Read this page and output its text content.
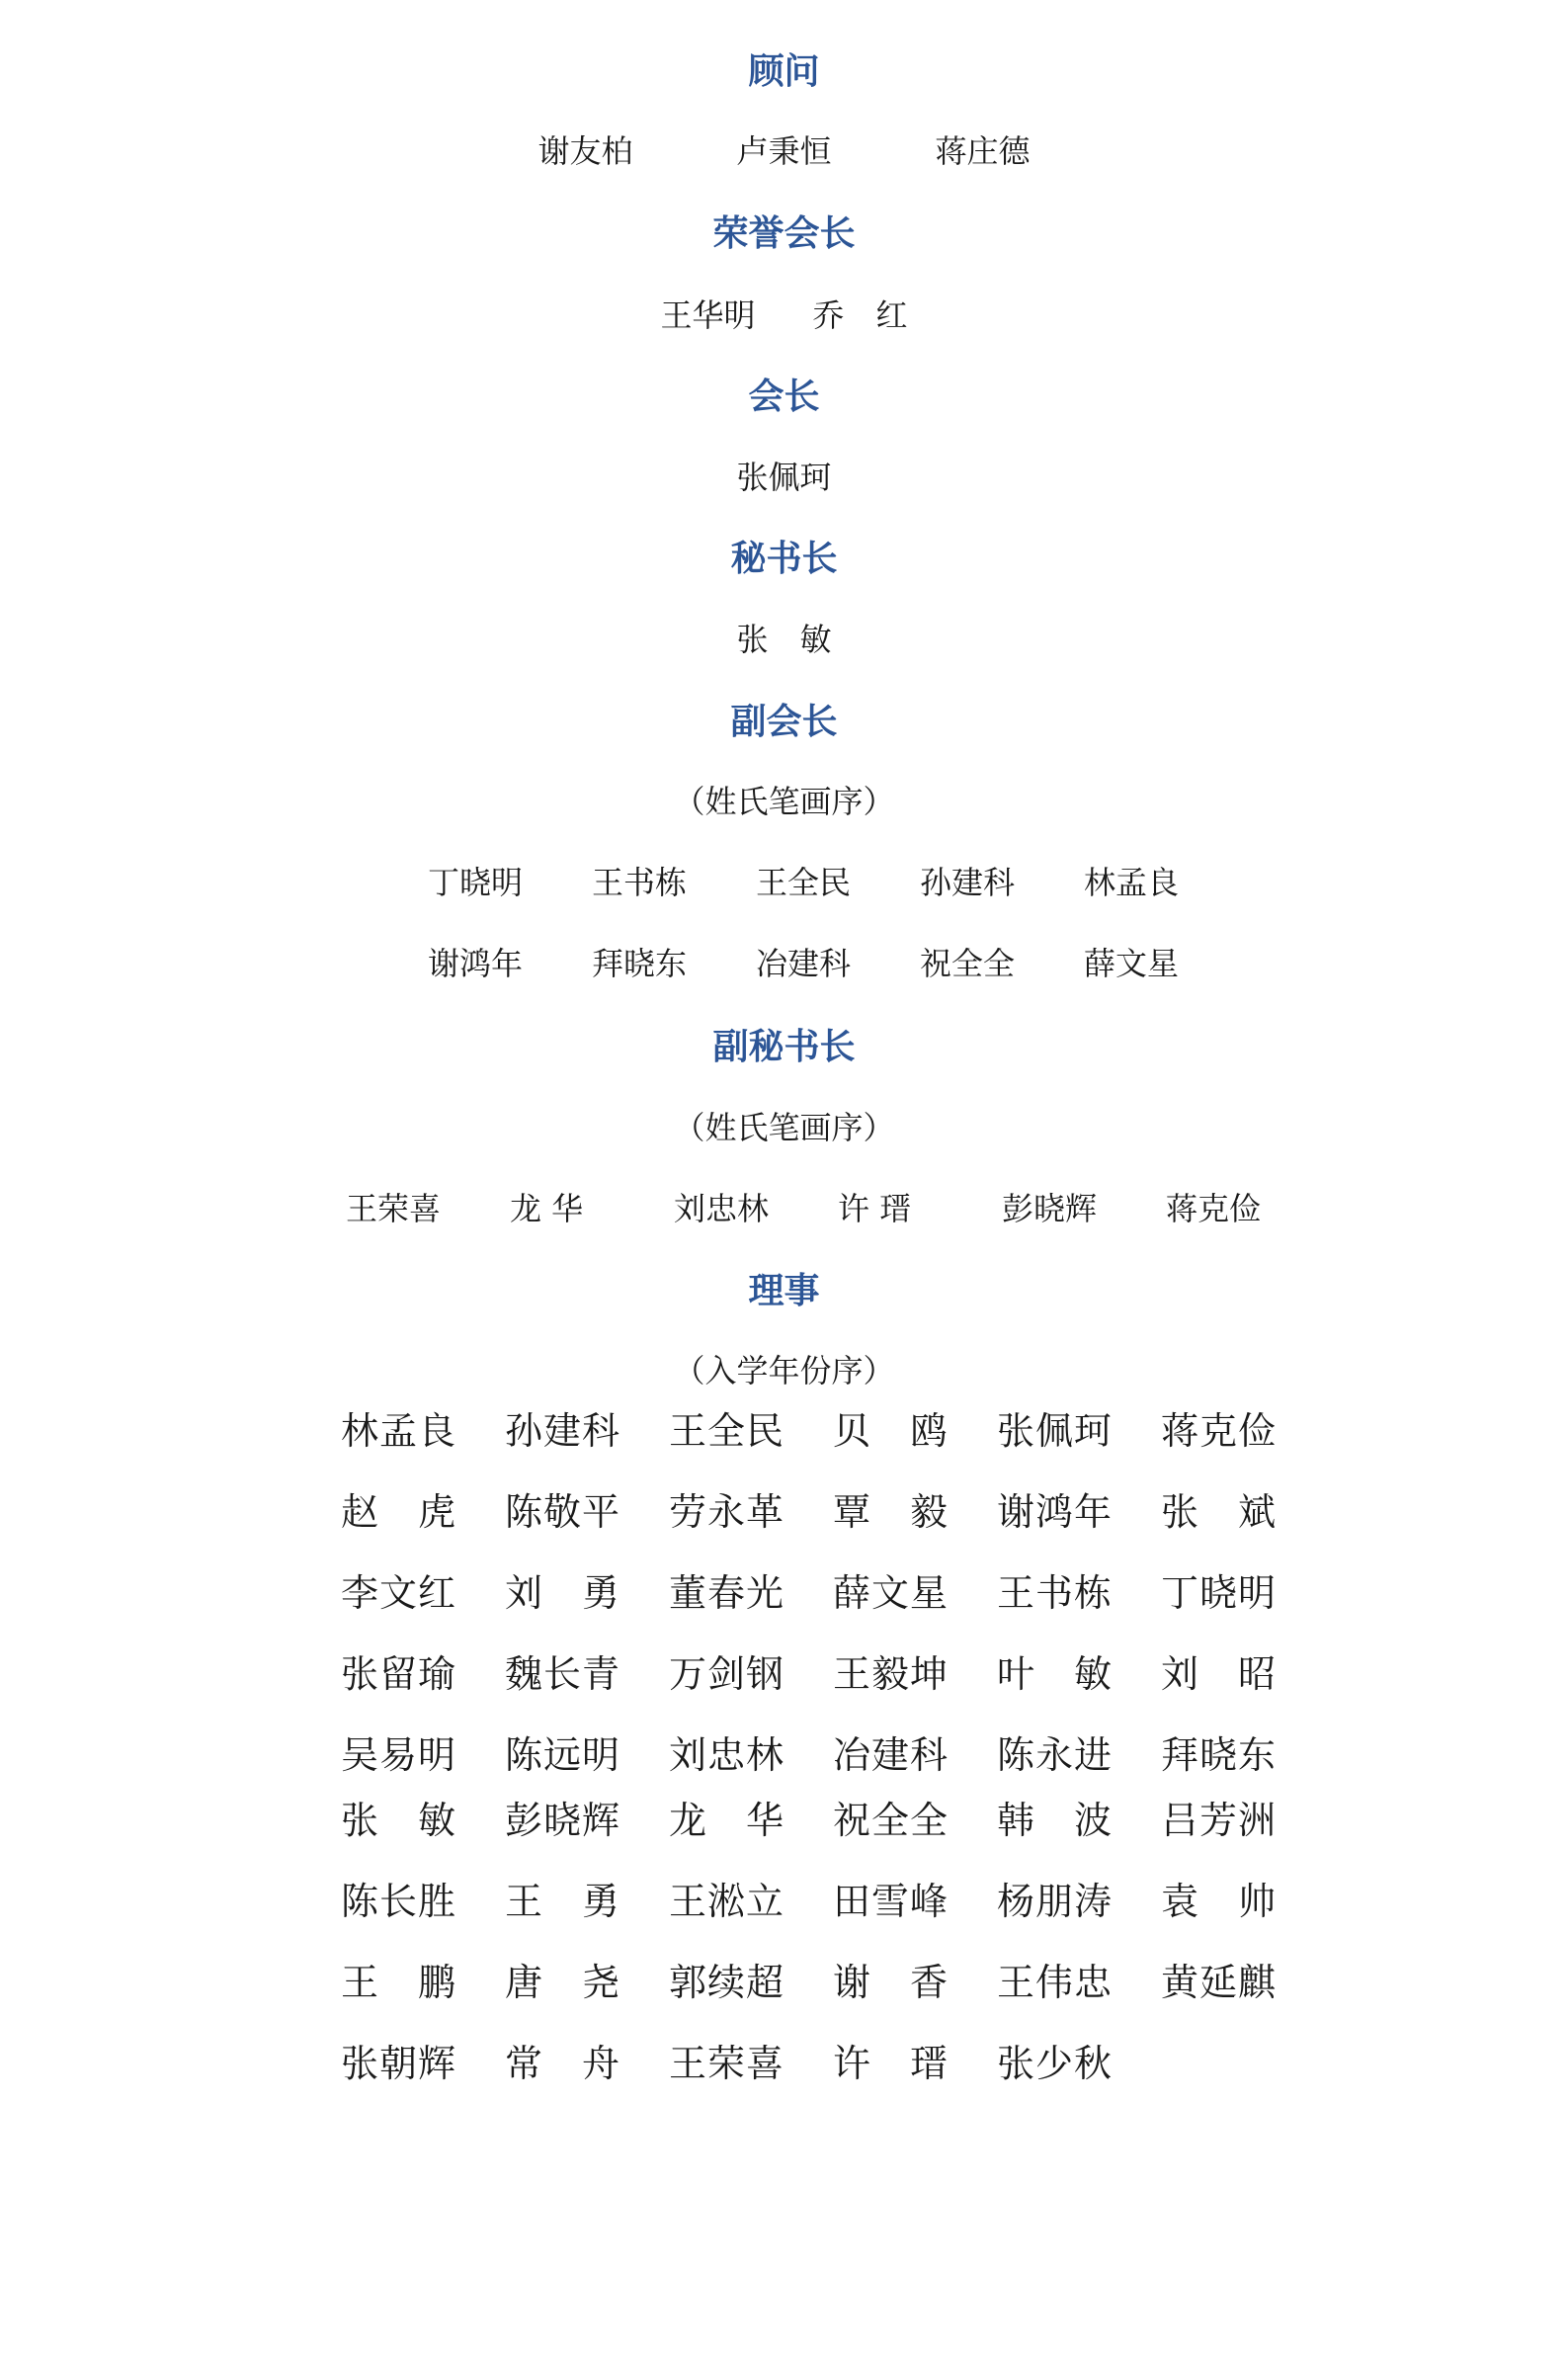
顾问
谢友柏	卢秉恒	蒋庄德
荣誉会长
王华明	乔　红
会长
张佩珂
秘书长
张　敏
副会长
（姓氏笔画序）
丁晓明	王书栋	王全民	孙建科	林孟良
谢鸿年	拜晓东	冶建科	祝全全	薛文星
副秘书长
（姓氏笔画序）
王荣喜	龙 华	刘忠林	许 瑨	彭晓辉	蒋克俭
理事
（入学年份序）
林孟良 孙建科 王全民 贝　鸥 张佩珂 蒋克俭
赵　虎 陈敬平 劳永革 覃　毅 谢鸿年 张　斌
李文红 刘　勇 董春光 薛文星 王书栋 丁晓明
张留瑜 魏长青 万剑钢 王毅坤 叶　敏 刘　昭
吴易明 陈远明 刘忠林 冶建科 陈永进 拜晓东
张　敏 彭晓辉 龙　华 祝全全 韩　波 吕芳洲
陈长胜 王　勇 王淞立 田雪峰 杨朋涛 袁　帅
王　鹏 唐　尧 郭续超 谢　香 王伟忠 黄延麒
张朝辉 常　舟 王荣喜 许　瑨 张少秋
